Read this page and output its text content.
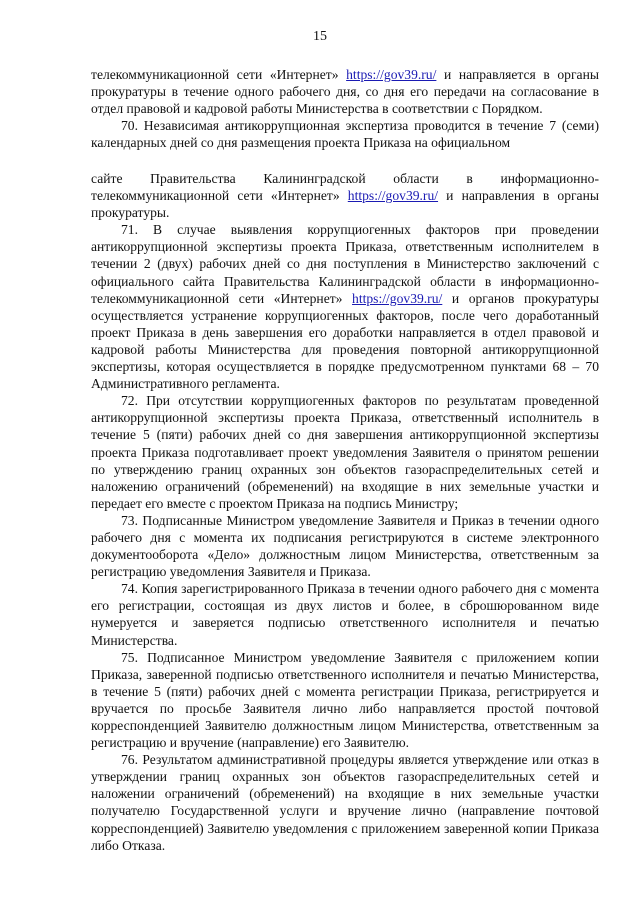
15

телекоммуникационной сети «Интернет» https://gov39.ru/ и направляется в органы прокуратуры в течение одного рабочего дня, со дня его передачи на согласование в отдел правовой и кадровой работы Министерства в соответствии с Порядком.

70. Независимая антикоррупционная экспертиза проводится в течение 7 (семи) календарных дней со дня размещения проекта Приказа на официальном

сайте Правительства Калининградской области в информационно-телекоммуникационной сети «Интернет» https://gov39.ru/ и направления в органы прокуратуры.

71. В случае выявления коррупциогенных факторов при проведении антикоррупционной экспертизы проекта Приказа, ответственным исполнителем в течении 2 (двух) рабочих дней со дня поступления в Министерство заключений с официального сайта Правительства Калининградской области в информационно-телекоммуникационной сети «Интернет» https://gov39.ru/ и органов прокуратуры осуществляется устранение коррупциогенных факторов, после чего доработанный проект Приказа в день завершения его доработки направляется в отдел правовой и кадровой работы Министерства для проведения повторной антикоррупционной экспертизы, которая осуществляется в порядке предусмотренном пунктами 68 – 70 Административного регламента.

72. При отсутствии коррупциогенных факторов по результатам проведенной антикоррупционной экспертизы проекта Приказа, ответственный исполнитель в течение 5 (пяти) рабочих дней со дня завершения антикоррупционной экспертизы проекта Приказа подготавливает проект уведомления Заявителя о принятом решении по утверждению границ охранных зон объектов газораспределительных сетей и наложению ограничений (обременений) на входящие в них земельные участки и передает его вместе с проектом Приказа на подпись Министру;

73. Подписанные Министром уведомление Заявителя и Приказ в течении одного рабочего дня с момента их подписания регистрируются в системе электронного документооборота «Дело» должностным лицом Министерства, ответственным за регистрацию уведомления Заявителя и Приказа.

74. Копия зарегистрированного Приказа в течении одного рабочего дня с момента его регистрации, состоящая из двух листов и более, в сброшюрованном виде нумеруется и заверяется подписью ответственного исполнителя и печатью Министерства.

75. Подписанное Министром уведомление Заявителя с приложением копии Приказа, заверенной подписью ответственного исполнителя и печатью Министерства, в течение 5 (пяти) рабочих дней с момента регистрации Приказа, регистрируется и вручается по просьбе Заявителя лично либо направляется простой почтовой корреспонденцией Заявителю должностным лицом Министерства, ответственным за регистрацию и вручение (направление) его Заявителю.

76. Результатом административной процедуры является утверждение или отказ в утверждении границ охранных зон объектов газораспределительных сетей и наложении ограничений (обременений) на входящие в них земельные участки получателю Государственной услуги и вручение лично (направление почтовой корреспонденцией) Заявителю уведомления с приложением заверенной копии Приказа либо Отказа.
